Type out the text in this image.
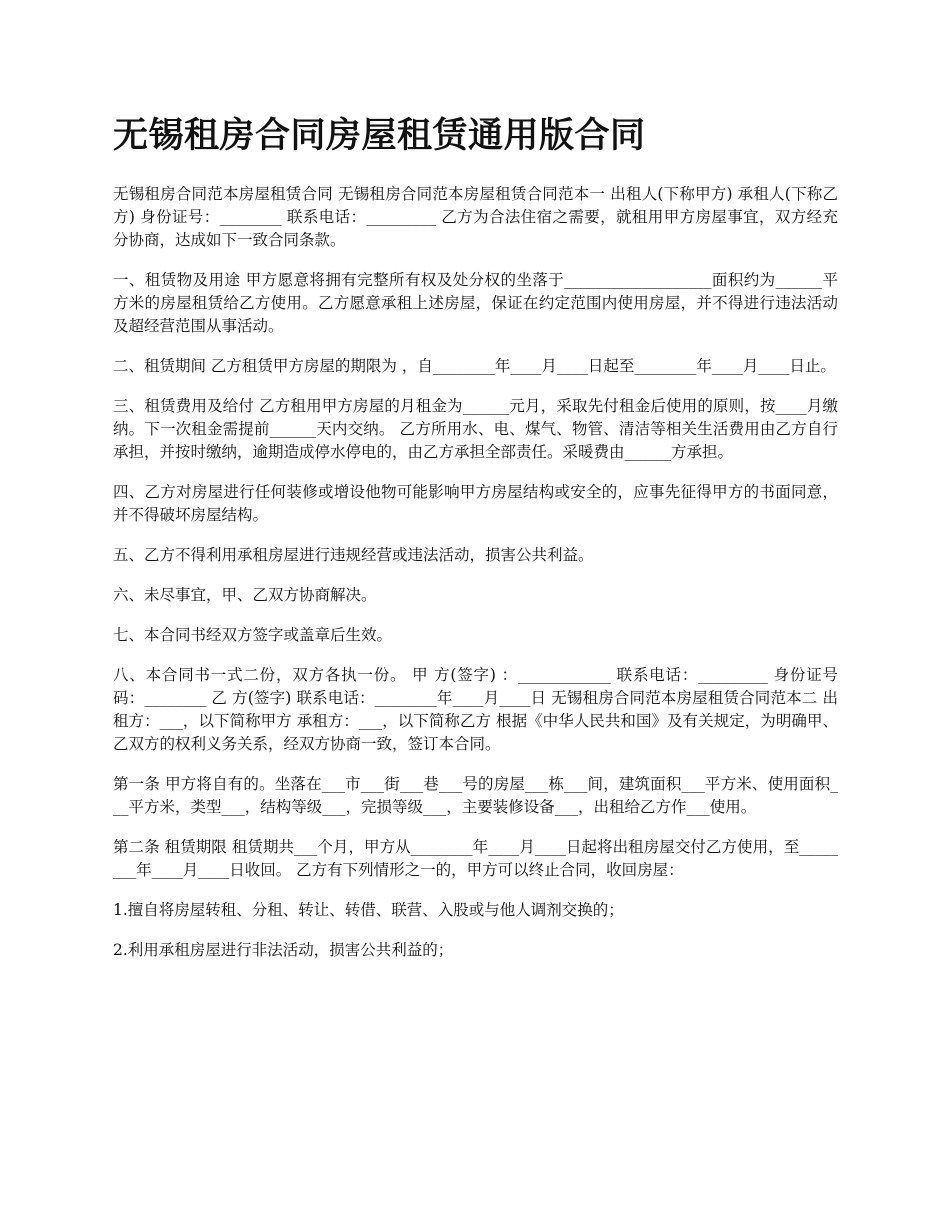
无锡租房合同房屋租赁通用版合同

无锡租房合同范本房屋租赁合同 无锡租房合同范本房屋租赁合同范本一 出租人(下称甲方) 承租人(下称乙方) 身份证号：________ 联系电话：_________ 乙方为合法住宿之需要，就租用甲方房屋事宜，双方经充分协商，达成如下一致合同条款。

一、租赁物及用途 甲方愿意将拥有完整所有权及处分权的坐落于___________________面积约为______平方米的房屋租赁给乙方使用。乙方愿意承租上述房屋，保证在约定范围内使用房屋，并不得进行违法活动及超经营范围从事活动。

二、租赁期间 乙方租赁甲方房屋的期限为 ，自________年____月____日起至________年____月____日止。

三、租赁费用及给付 乙方租用甲方房屋的月租金为______元月，采取先付租金后使用的原则，按____月缴纳。下一次租金需提前______天内交纳。 乙方所用水、电、煤气、物管、清洁等相关生活费用由乙方自行承担，并按时缴纳，逾期造成停水停电的，由乙方承担全部责任。采暖费由______方承担。

四、乙方对房屋进行任何装修或增设他物可能影响甲方房屋结构或安全的，应事先征得甲方的书面同意，并不得破坏房屋结构。

五、乙方不得利用承租房屋进行违规经营或违法活动，损害公共利益。

六、未尽事宜，甲、乙双方协商解决。

七、本合同书经双方签字或盖章后生效。

八、本合同书一式二份，双方各执一份。 甲 方(签字) ：____________ 联系电话：_________ 身份证号码：________ 乙 方(签字) 联系电话：________年____月____日 无锡租房合同范本房屋租赁合同范本二 出租方：___，以下简称甲方 承租方：___，以下简称乙方 根据《中华人民共和国》及有关规定，为明确甲、乙双方的权利义务关系，经双方协商一致，签订本合同。

第一条 甲方将自有的。坐落在___市___街___巷___号的房屋___栋___间，建筑面积___平方米、使用面积___平方米，类型___，结构等级___，完损等级___，主要装修设备___，出租给乙方作___使用。

第二条 租赁期限 租赁期共___个月，甲方从________年____月____日起将出租房屋交付乙方使用，至________年____月____日收回。 乙方有下列情形之一的，甲方可以终止合同，收回房屋：

1.擅自将房屋转租、分租、转让、转借、联营、入股或与他人调剂交换的；

2.利用承租房屋进行非法活动，损害公共利益的；
